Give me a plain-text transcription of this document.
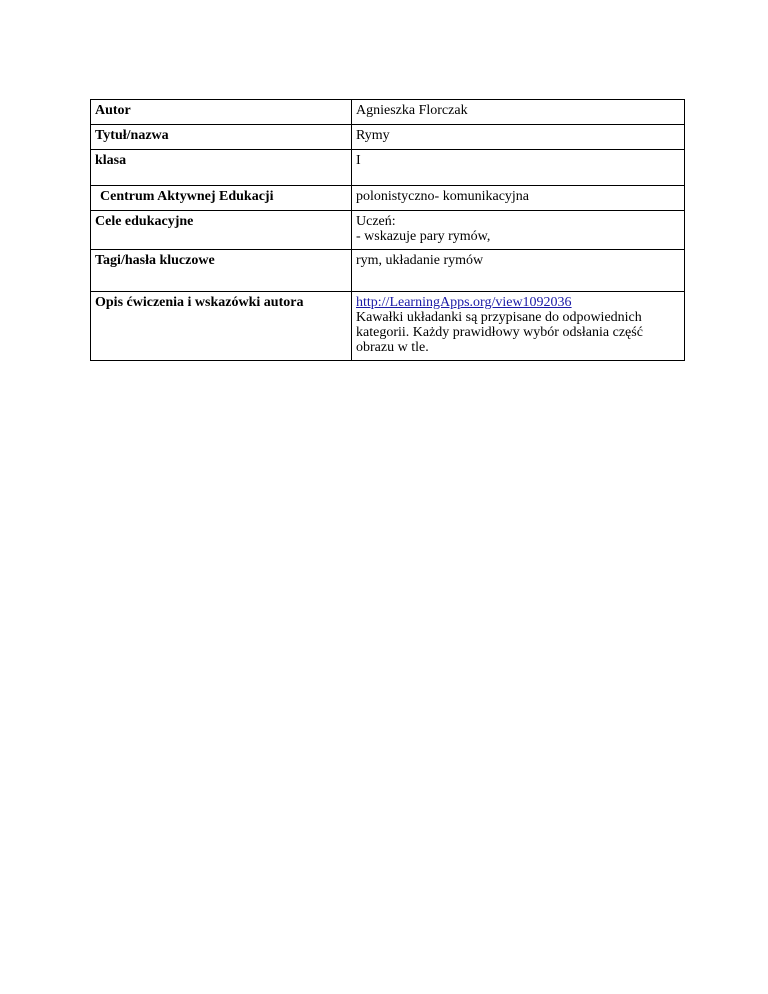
Autor	Agnieszka Florczak
Tytuł/nazwa	Rymy
klasa	I
Centrum Aktywnej Edukacji	polonistyczno- komunikacyjna
Cele edukacyjne	Uczeń:
- wskazuje pary rymów,

Tagi/hasła kluczowe	rym, układanie rymów
Opis ćwiczenia i wskazówki autora	http://LearningApps.org/view1092036
Kawałki układanki są przypisane do odpowiednich kategorii. Każdy prawidłowy wybór odsłania część obrazu w tle.
